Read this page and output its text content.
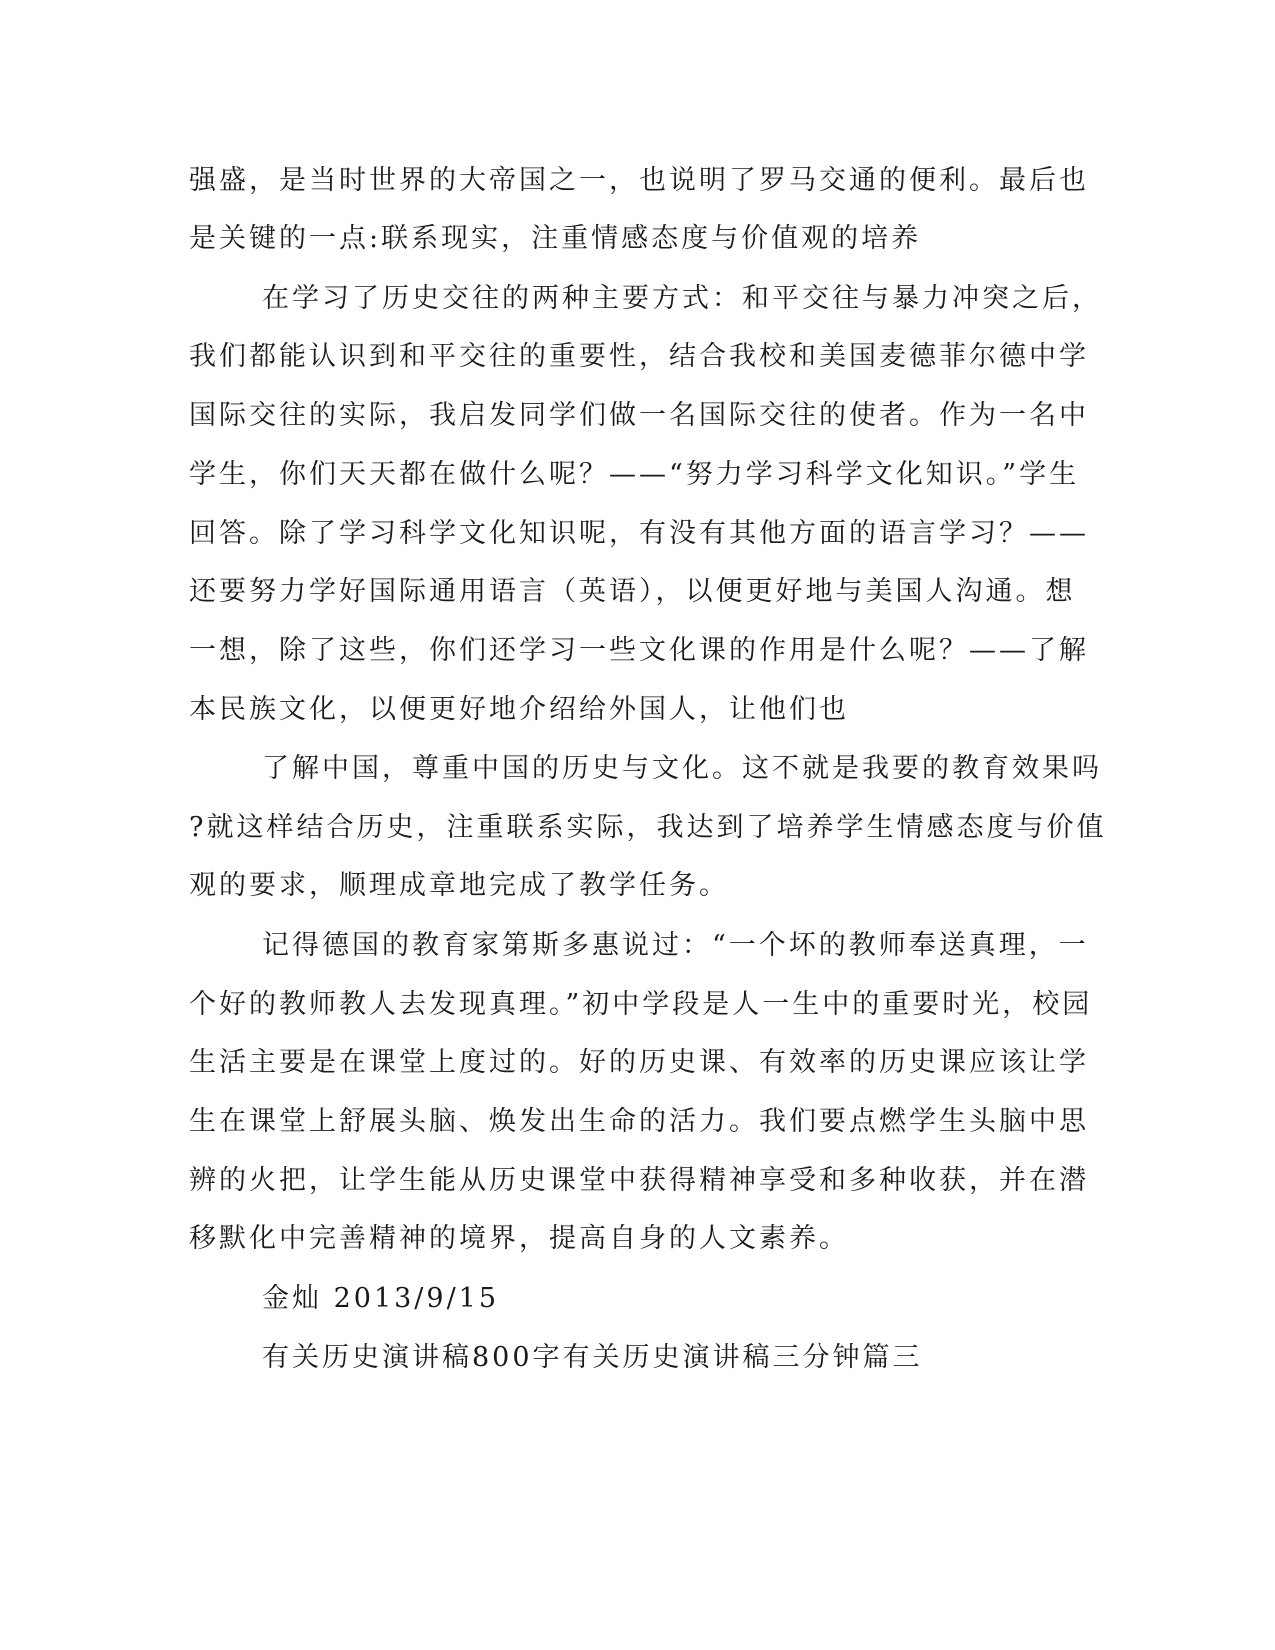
强盛，是当时世界的大帝国之一，也说明了罗马交通的便利。最后也
是关键的一点:联系现实，注重情感态度与价值观的培养
在学习了历史交往的两种主要方式：和平交往与暴力冲突之后，
我们都能认识到和平交往的重要性，结合我校和美国麦德菲尔德中学
国际交往的实际，我启发同学们做一名国际交往的使者。作为一名中
学生，你们天天都在做什么呢？——“努力学习科学文化知识。”学生
回答。除了学习科学文化知识呢，有没有其他方面的语言学习？——
还要努力学好国际通用语言（英语），以便更好地与美国人沟通。想
一想，除了这些，你们还学习一些文化课的作用是什么呢？——了解
本民族文化，以便更好地介绍给外国人，让他们也
了解中国，尊重中国的历史与文化。这不就是我要的教育效果吗
?就这样结合历史，注重联系实际，我达到了培养学生情感态度与价值
观的要求，顺理成章地完成了教学任务。
记得德国的教育家第斯多惠说过：“一个坏的教师奉送真理，一
个好的教师教人去发现真理。”初中学段是人一生中的重要时光，校园
生活主要是在课堂上度过的。好的历史课、有效率的历史课应该让学
生在课堂上舒展头脑、焕发出生命的活力。我们要点燃学生头脑中思
辨的火把，让学生能从历史课堂中获得精神享受和多种收获，并在潜
移默化中完善精神的境界，提高自身的人文素养。
金灿 2013/9/15
有关历史演讲稿800字有关历史演讲稿三分钟篇三
